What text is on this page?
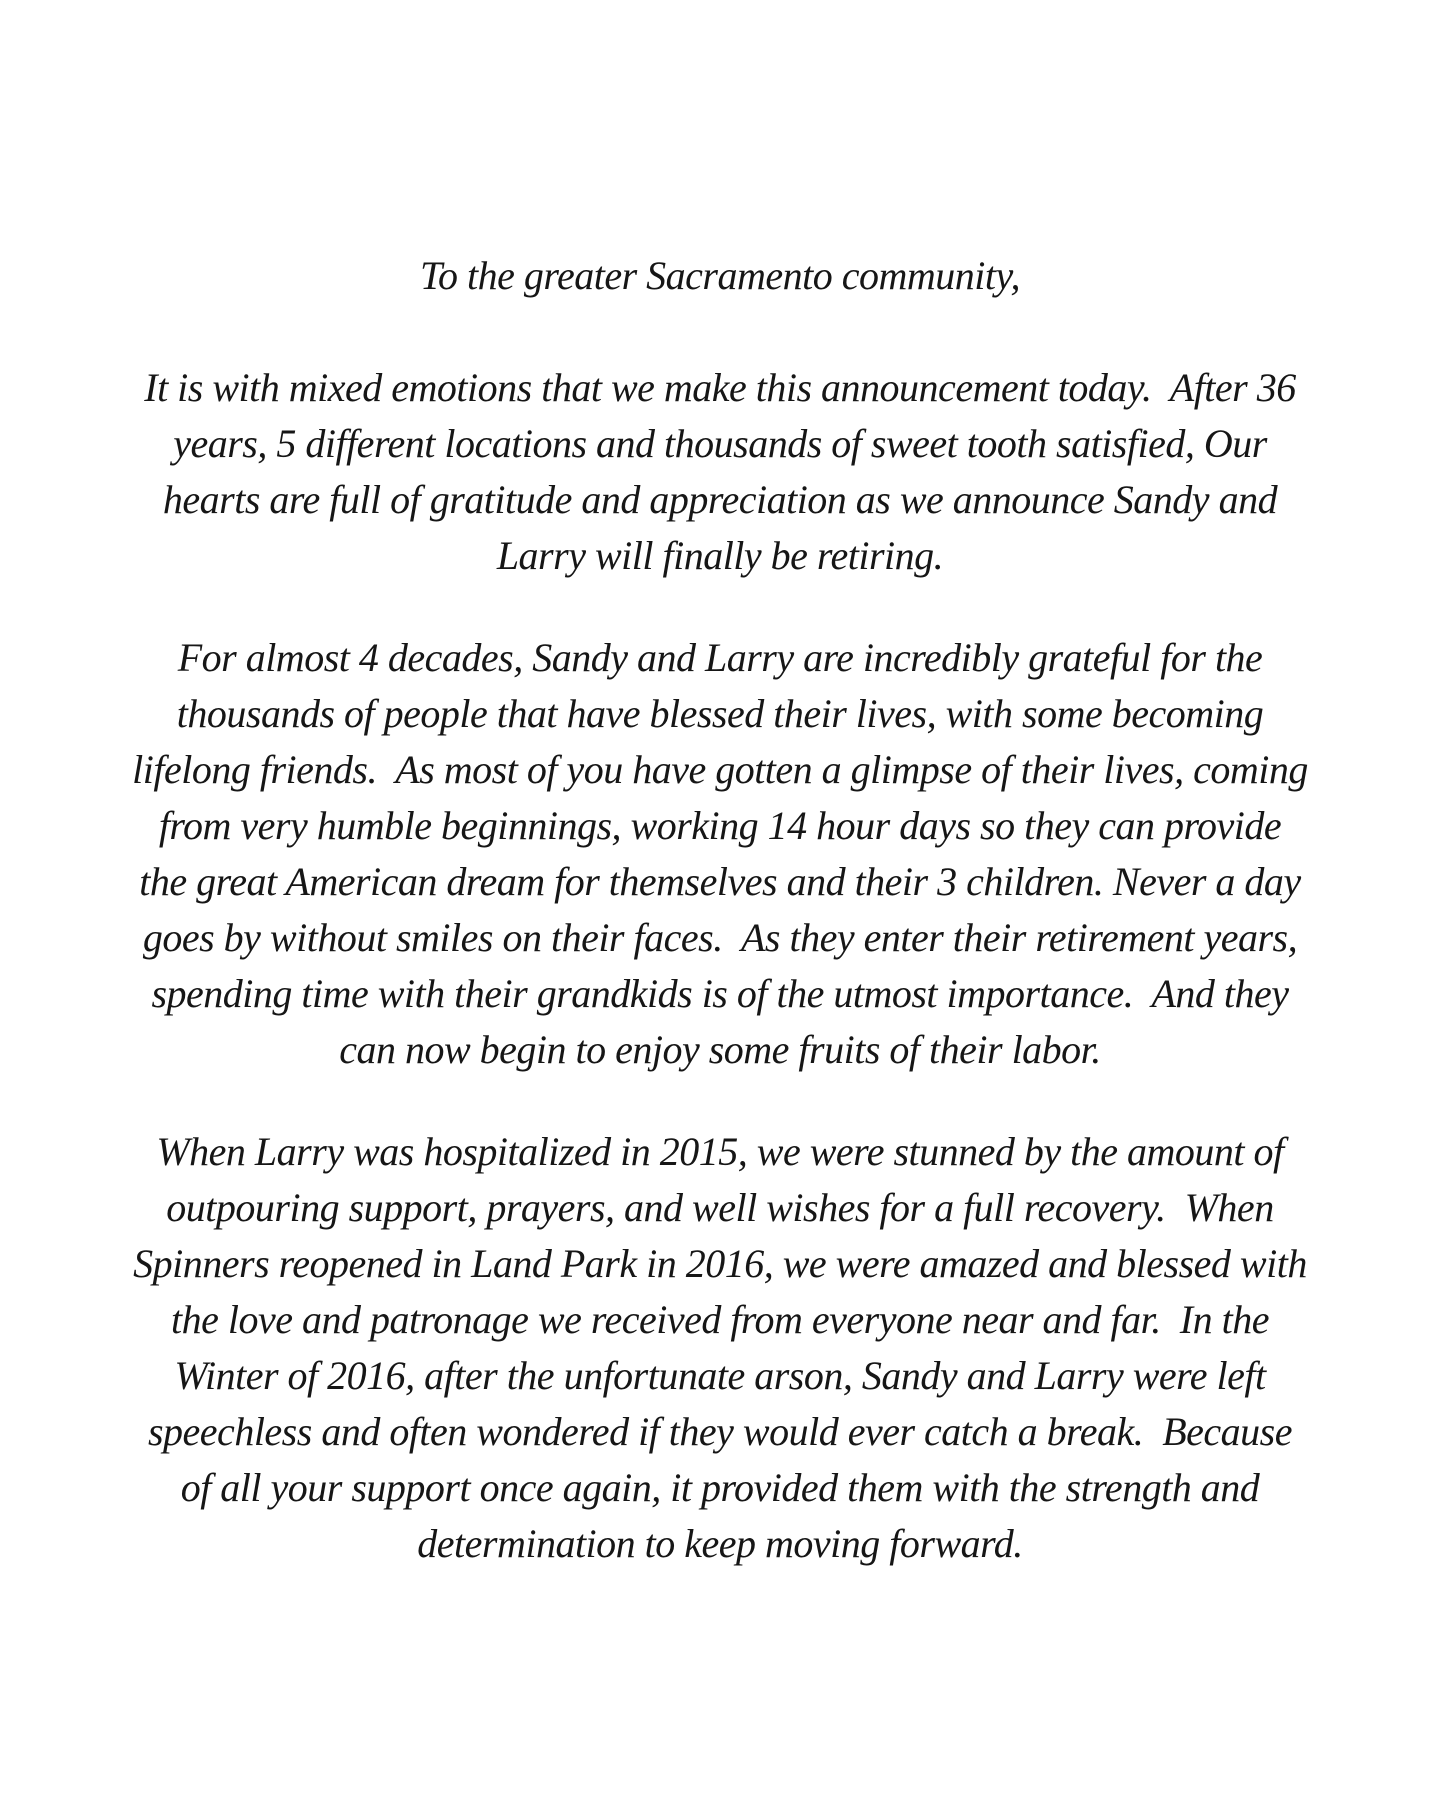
To the greater Sacramento community,
It is with mixed emotions that we make this announcement today.  After 36
years, 5 different locations and thousands of sweet tooth satisfied, Our
hearts are full of gratitude and appreciation as we announce Sandy and
Larry will finally be retiring.
For almost 4 decades, Sandy and Larry are incredibly grateful for the
thousands of people that have blessed their lives, with some becoming
lifelong friends.  As most of you have gotten a glimpse of their lives, coming
from very humble beginnings, working 14 hour days so they can provide
the great American dream for themselves and their 3 children. Never a day
goes by without smiles on their faces.  As they enter their retirement years,
spending time with their grandkids is of the utmost importance.  And they
can now begin to enjoy some fruits of their labor.
When Larry was hospitalized in 2015, we were stunned by the amount of
outpouring support, prayers, and well wishes for a full recovery.  When
Spinners reopened in Land Park in 2016, we were amazed and blessed with
the love and patronage we received from everyone near and far.  In the
Winter of 2016, after the unfortunate arson, Sandy and Larry were left
speechless and often wondered if they would ever catch a break.  Because
of all your support once again, it provided them with the strength and
determination to keep moving forward.
